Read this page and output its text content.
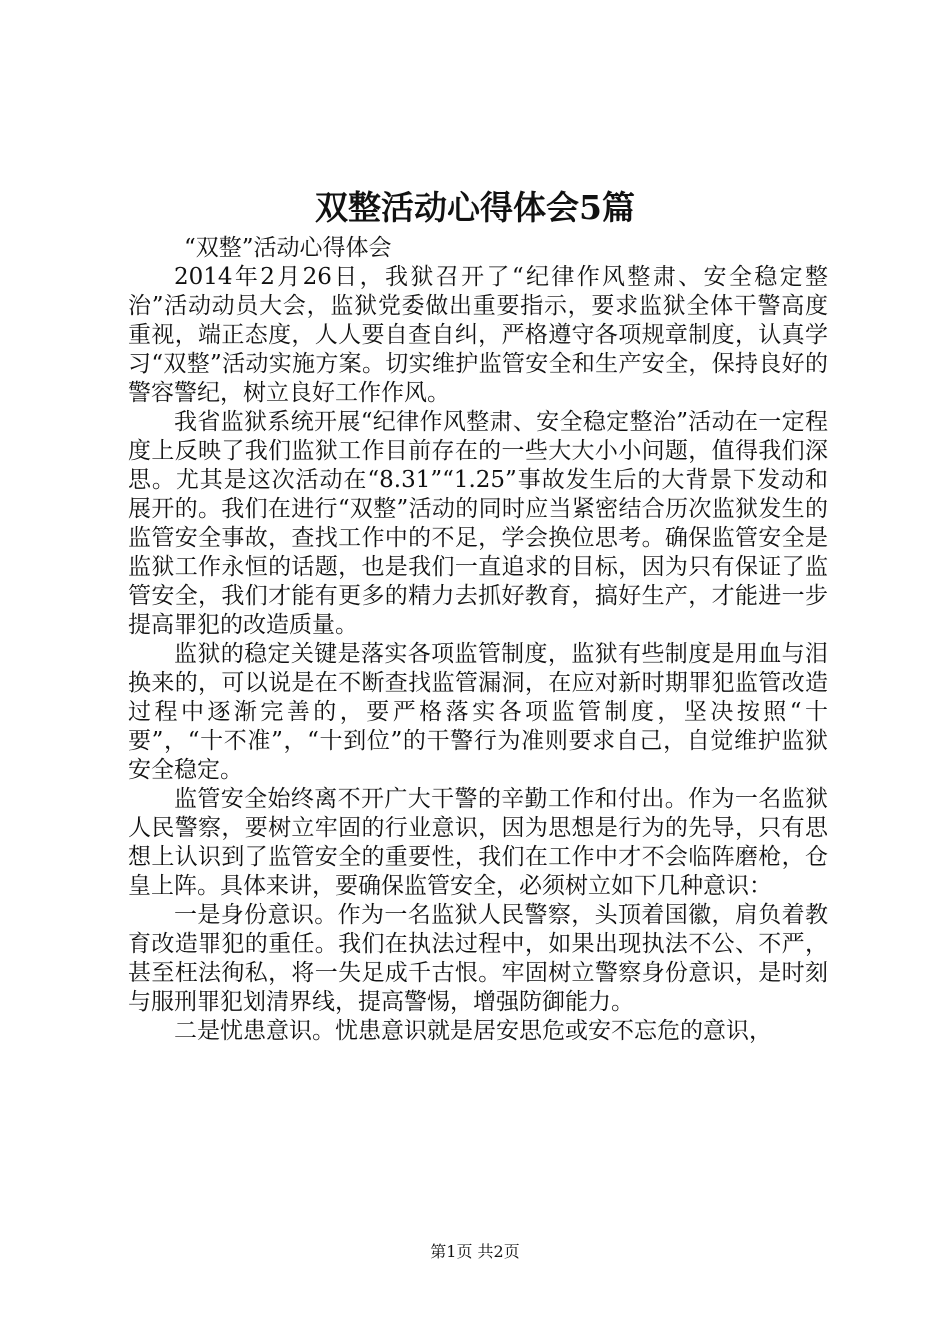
双整活动心得体会5篇

“双整”活动心得体会

2014年2月26日，我狱召开了“纪律作风整肃、安全稳定整治”活动动员大会，监狱党委做出重要指示，要求监狱全体干警高度重视，端正态度，人人要自查自纠，严格遵守各项规章制度，认真学习“双整”活动实施方案。切实维护监管安全和生产安全，保持良好的警容警纪，树立良好工作作风。

我省监狱系统开展“纪律作风整肃、安全稳定整治”活动在一定程度上反映了我们监狱工作目前存在的一些大大小小问题，值得我们深思。尤其是这次活动在“8.31”“1.25”事故发生后的大背景下发动和展开的。我们在进行“双整”活动的同时应当紧密结合历次监狱发生的监管安全事故，查找工作中的不足，学会换位思考。确保监管安全是监狱工作永恒的话题，也是我们一直追求的目标，因为只有保证了监管安全，我们才能有更多的精力去抓好教育，搞好生产，才能进一步提高罪犯的改造质量。

监狱的稳定关键是落实各项监管制度，监狱有些制度是用血与泪换来的，可以说是在不断查找监管漏洞，在应对新时期罪犯监管改造过程中逐渐完善的，要严格落实各项监管制度，坚决按照“十要”，“十不准”，“十到位”的干警行为准则要求自己，自觉维护监狱安全稳定。

监管安全始终离不开广大干警的辛勤工作和付出。作为一名监狱人民警察，要树立牢固的行业意识，因为思想是行为的先导，只有思想上认识到了监管安全的重要性，我们在工作中才不会临阵磨枪，仓皇上阵。具体来讲，要确保监管安全，必须树立如下几种意识：

一是身份意识。作为一名监狱人民警察，头顶着国徽，肩负着教育改造罪犯的重任。我们在执法过程中，如果出现执法不公、不严，甚至枉法徇私，将一失足成千古恨。牢固树立警察身份意识，是时刻与服刑罪犯划清界线，提高警惕，增强防御能力。

二是忧患意识。忧患意识就是居安思危或安不忘危的意识，

第1页 共2页
